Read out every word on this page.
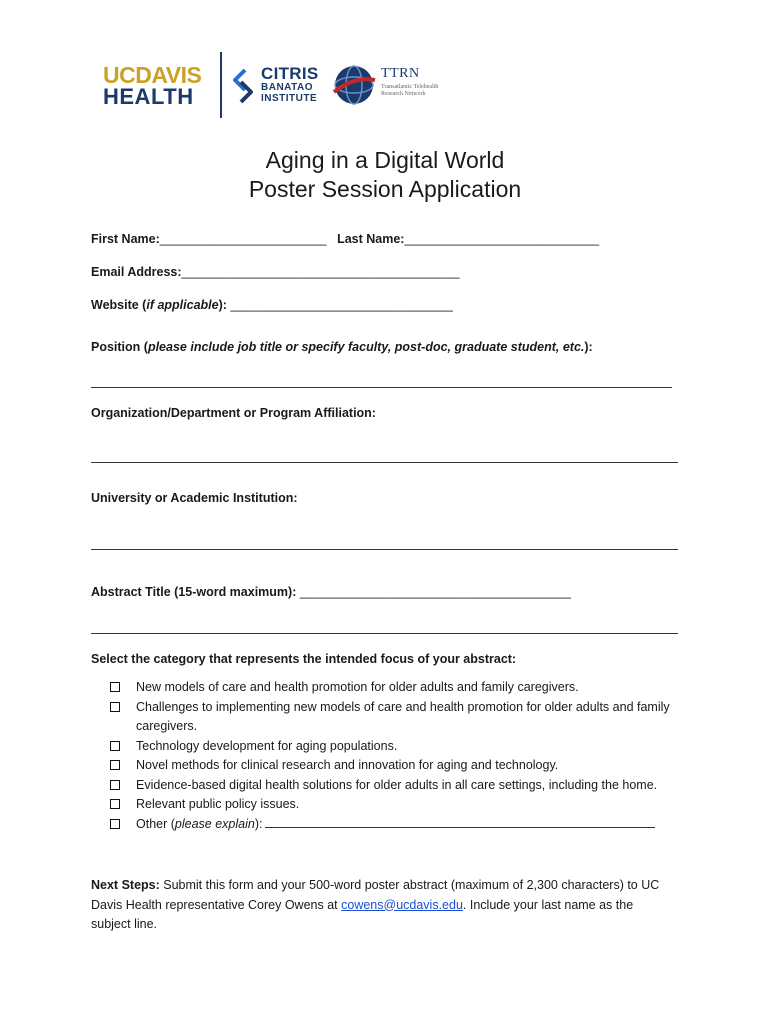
UCDAVIS
HEALTH
CITRIS
BANATAO
INSTITUTE
TTRN
Transatlantic Telehealth Research Network
Aging in a Digital World
Poster Session Application
First Name:________________________ Last Name:____________________________
Email Address:________________________________________
Website (if applicable): ________________________________
Position (please include job title or specify faculty, post-doc, graduate student, etc.):
Organization/Department or Program Affiliation:
University or Academic Institution:
Abstract Title (15-word maximum): _______________________________________
Select the category that represents the intended focus of your abstract:
New models of care and health promotion for older adults and family caregivers.
Challenges to implementing new models of care and health promotion for older adults and family caregivers.
Technology development for aging populations.
Novel methods for clinical research and innovation for aging and technology.
Evidence-based digital health solutions for older adults in all care settings, including the home.
Relevant public policy issues.
Other (please explain):
Next Steps: Submit this form and your 500-word poster abstract (maximum of 2,300 characters) to UC Davis Health representative Corey Owens at cowens@ucdavis.edu. Include your last name as the subject line.
